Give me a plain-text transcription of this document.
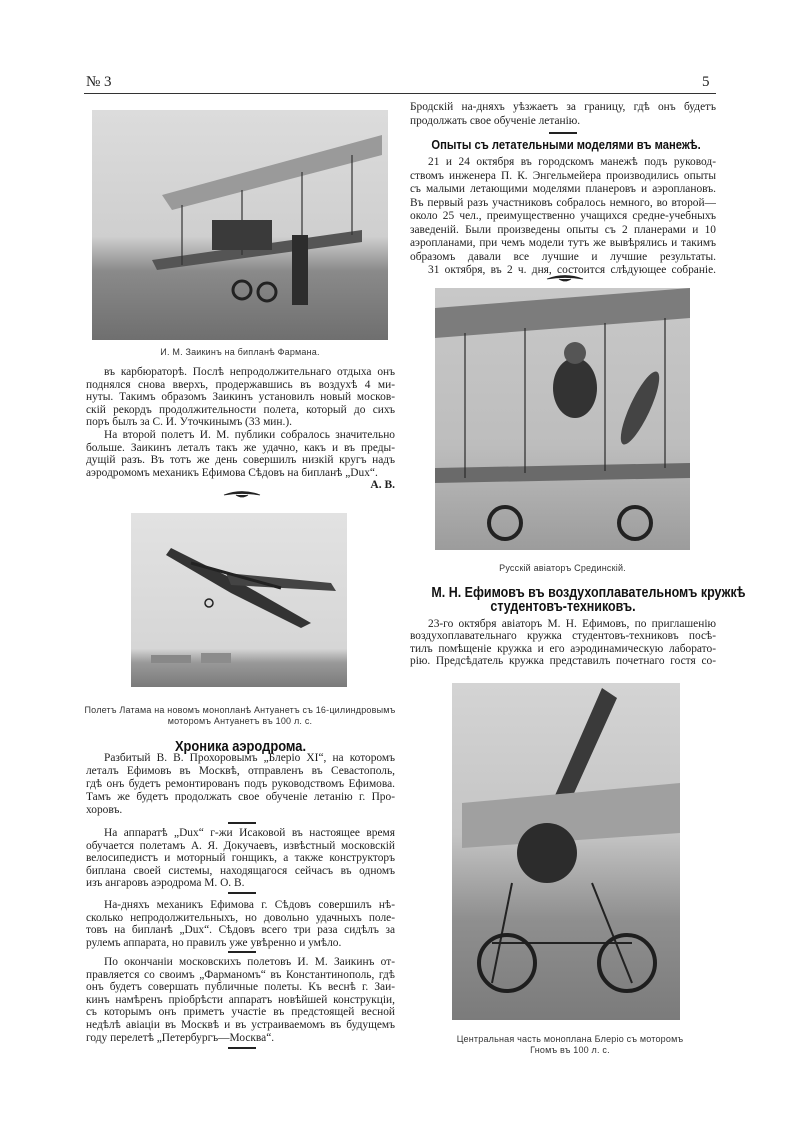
№ 3	5
И. М. Заикинъ на бипланѣ Фармана.
въ карбюраторѣ. Послѣ непродолжительнаго отдыха онъ
поднялся снова вверхъ, продержавшись въ воздухѣ 4 ми-
нуты. Такимъ образомъ Заикинъ установилъ новый москов-
скій рекордъ продолжительности полета, который до сихъ
поръ былъ за С. И. Уточкинымъ (33 мин.).
На второй полетъ И. М. публики собралось значительно
больше. Заикинъ леталъ такъ же удачно, какъ и въ преды-
дущій разъ. Въ тотъ же день совершилъ низкій кругъ надъ
аэродромомъ механикъ Ефимова Сѣдовъ на бипланѣ „Dux“.
А. В.
Полетъ Латама на новомъ монопланѣ Антуанетъ съ 16-цилиндровымъ
моторомъ Антуанетъ въ 100 л. с.
Хроника аэродрома.
Разбитый В. В. Прохоровымъ „Блеріо XI“, на которомъ
леталъ Ефимовъ въ Москвѣ, отправленъ въ Севастополь,
гдѣ онъ будетъ ремонтированъ подъ руководствомъ Ефимова.
Тамъ же будетъ продолжать свое обученіе летанію г. Про-
хоровъ.
На аппаратѣ „Dux“ г-жи Исаковой въ настоящее время
обучается полетамъ А. Я. Докучаевъ, извѣстный московскій
велосипедистъ и моторный гонщикъ, а также конструкторъ
биплана своей системы, находящагося сейчасъ въ одномъ
изъ ангаровъ аэродрома М. О. В.
На-дняхъ механикъ Ефимова г. Сѣдовъ совершилъ нѣ-
сколько непродолжительныхъ, но довольно удачныхъ поле-
товъ на бипланѣ „Dux“. Сѣдовъ всего три раза сидѣлъ за
рулемъ аппарата, но правилъ уже увѣренно и умѣло.
По окончаніи московскихъ полетовъ И. М. Заикинъ от-
правляется со своимъ „Фарманомъ“ въ Константинополь, гдѣ
онъ будетъ совершать публичные полеты. Къ веснѣ г. Заи-
кинъ намѣренъ пріобрѣсти аппаратъ новѣйшей конструкціи,
съ которымъ онъ приметъ участіе въ предстоящей весной
недѣлѣ авіаціи въ Москвѣ и въ устраиваемомъ въ будущемъ
году перелетѣ „Петербургъ—Москва“.
Бродскій на-дняхъ уѣзжаетъ за границу, гдѣ онъ будетъ
продолжать свое обученіе летанію.
Опыты съ летательными моделями въ манежѣ.
21 и 24 октября въ городскомъ манежѣ подъ руковод-
ствомъ инженера П. К. Энгельмейера производились опыты
съ малыми летающими моделями планеровъ и аэроплановъ.
Въ первый разъ участниковъ собралось немного, во второй—
около 25 чел., преимущественно учащихся средне-учебныхъ
заведеній. Были произведены опыты съ 2 планерами и 10
аэропланами, при чемъ модели тутъ же вывѣрялись и такимъ
образомъ давали все лучшие и лучшие результаты.
31 октября, въ 2 ч. дня, состоится слѣдующее собраніе.
Русскій авіаторъ Срединскій.
М. Н. Ефимовъ въ воздухоплавательномъ кружкѣ
студентовъ-техниковъ.
23-го октября авіаторъ М. Н. Ефимовъ, по приглашенію
воздухоплавательнаго кружка студентовъ-техниковъ посѣ-
тилъ помѣщеніе кружка и его аэродинамическую лаборато-
рію. Предсѣдатель кружка представилъ почетнаго гостя со-
Центральная часть моноплана Блеріо съ моторомъ
Гномъ въ 100 л. с.
